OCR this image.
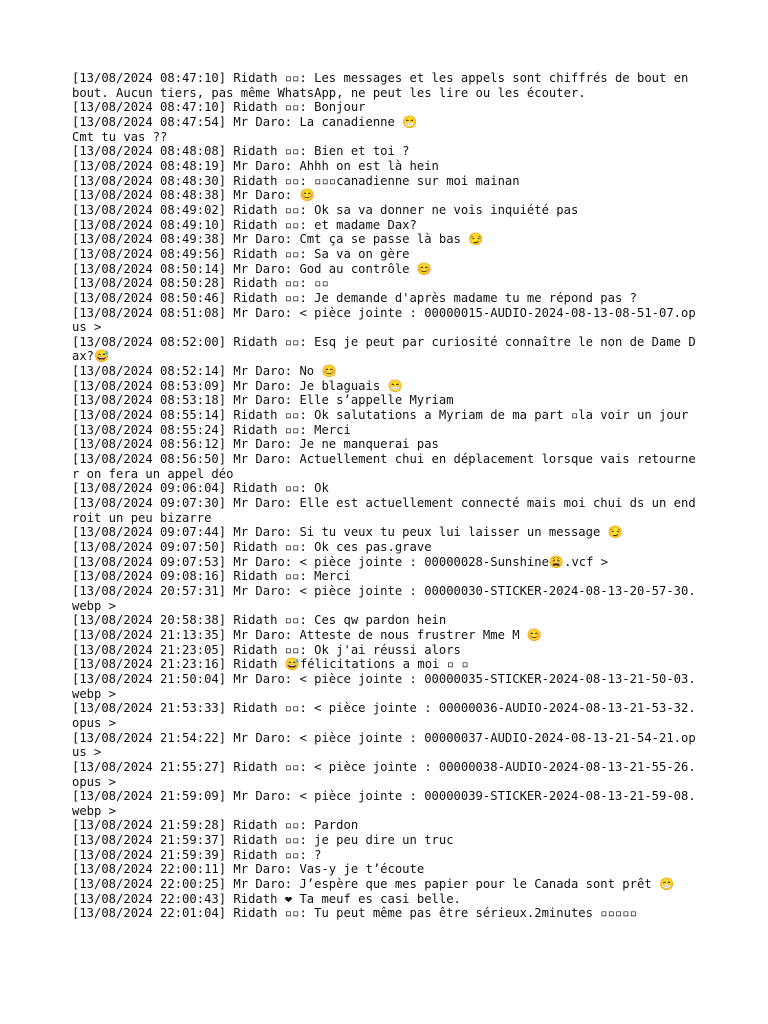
[13/08/2024 08:47:10] Ridath ▫▫: Les messages et les appels sont chiffrés de bout en bout. Aucun tiers, pas même WhatsApp, ne peut les lire ou les écouter.
[13/08/2024 08:47:10] Ridath ▫▫: Bonjour
[13/08/2024 08:47:54] Mr Daro: La canadienne 😁
Cmt tu vas ??
[13/08/2024 08:48:08] Ridath ▫▫: Bien et toi ?
[13/08/2024 08:48:19] Mr Daro: Ahhh on est là hein
[13/08/2024 08:48:30] Ridath ▫▫: ▫▫▫canadienne sur moi mainan
[13/08/2024 08:48:38] Mr Daro: 😊
[13/08/2024 08:49:02] Ridath ▫▫: Ok sa va donner ne vois inquiété pas
[13/08/2024 08:49:10] Ridath ▫▫: et madame Dax?
[13/08/2024 08:49:38] Mr Daro: Cmt ça se passe là bas 😏
[13/08/2024 08:49:56] Ridath ▫▫: Sa va on gère
[13/08/2024 08:50:14] Mr Daro: God au contrôle 😊
[13/08/2024 08:50:28] Ridath ▫▫: ▫▫
[13/08/2024 08:50:46] Ridath ▫▫: Je demande d'après madame tu me répond pas ?
[13/08/2024 08:51:08] Mr Daro: < pièce jointe : 00000015-AUDIO-2024-08-13-08-51-07.opus >
[13/08/2024 08:52:00] Ridath ▫▫: Esq je peut par curiosité connaître le non de Dame Dax?😅
[13/08/2024 08:52:14] Mr Daro: No 😊
[13/08/2024 08:53:09] Mr Daro: Je blaguais 😁
[13/08/2024 08:53:18] Mr Daro: Elle s’appelle Myriam
[13/08/2024 08:55:14] Ridath ▫▫: Ok salutations a Myriam de ma part ▫la voir un jour
[13/08/2024 08:55:24] Ridath ▫▫: Merci
[13/08/2024 08:56:12] Mr Daro: Je ne manquerai pas
[13/08/2024 08:56:50] Mr Daro: Actuellement chui en déplacement lorsque vais retourner on fera un appel déo
[13/08/2024 09:06:04] Ridath ▫▫: Ok
[13/08/2024 09:07:30] Mr Daro: Elle est actuellement connecté mais moi chui ds un endroit un peu bizarre
[13/08/2024 09:07:44] Mr Daro: Si tu veux tu peux lui laisser un message 😏
[13/08/2024 09:07:50] Ridath ▫▫: Ok ces pas.grave
[13/08/2024 09:07:53] Mr Daro: < pièce jointe : 00000028-Sunshine😩.vcf >
[13/08/2024 09:08:16] Ridath ▫▫: Merci
[13/08/2024 20:57:31] Mr Daro: < pièce jointe : 00000030-STICKER-2024-08-13-20-57-30.webp >
[13/08/2024 20:58:38] Ridath ▫▫: Ces qw pardon hein
[13/08/2024 21:13:35] Mr Daro: Atteste de nous frustrer Mme M 😊
[13/08/2024 21:23:05] Ridath ▫▫: Ok j'ai réussi alors
[13/08/2024 21:23:16] Ridath 😅félicitations a moi ▫ ▫
[13/08/2024 21:50:04] Mr Daro: < pièce jointe : 00000035-STICKER-2024-08-13-21-50-03.webp >
[13/08/2024 21:53:33] Ridath ▫▫: < pièce jointe : 00000036-AUDIO-2024-08-13-21-53-32.opus >
[13/08/2024 21:54:22] Mr Daro: < pièce jointe : 00000037-AUDIO-2024-08-13-21-54-21.opus >
[13/08/2024 21:55:27] Ridath ▫▫: < pièce jointe : 00000038-AUDIO-2024-08-13-21-55-26.opus >
[13/08/2024 21:59:09] Mr Daro: < pièce jointe : 00000039-STICKER-2024-08-13-21-59-08.webp >
[13/08/2024 21:59:28] Ridath ▫▫: Pardon
[13/08/2024 21:59:37] Ridath ▫▫: je peu dire un truc
[13/08/2024 21:59:39] Ridath ▫▫: ?
[13/08/2024 22:00:11] Mr Daro: Vas-y je t’écoute
[13/08/2024 22:00:25] Mr Daro: J’espère que mes papier pour le Canada sont prêt 😁
[13/08/2024 22:00:43] Ridath ❤ Ta meuf es casi belle.
[13/08/2024 22:01:04] Ridath ▫▫: Tu peut même pas être sérieux.2minutes ▫▫▫▫▫
